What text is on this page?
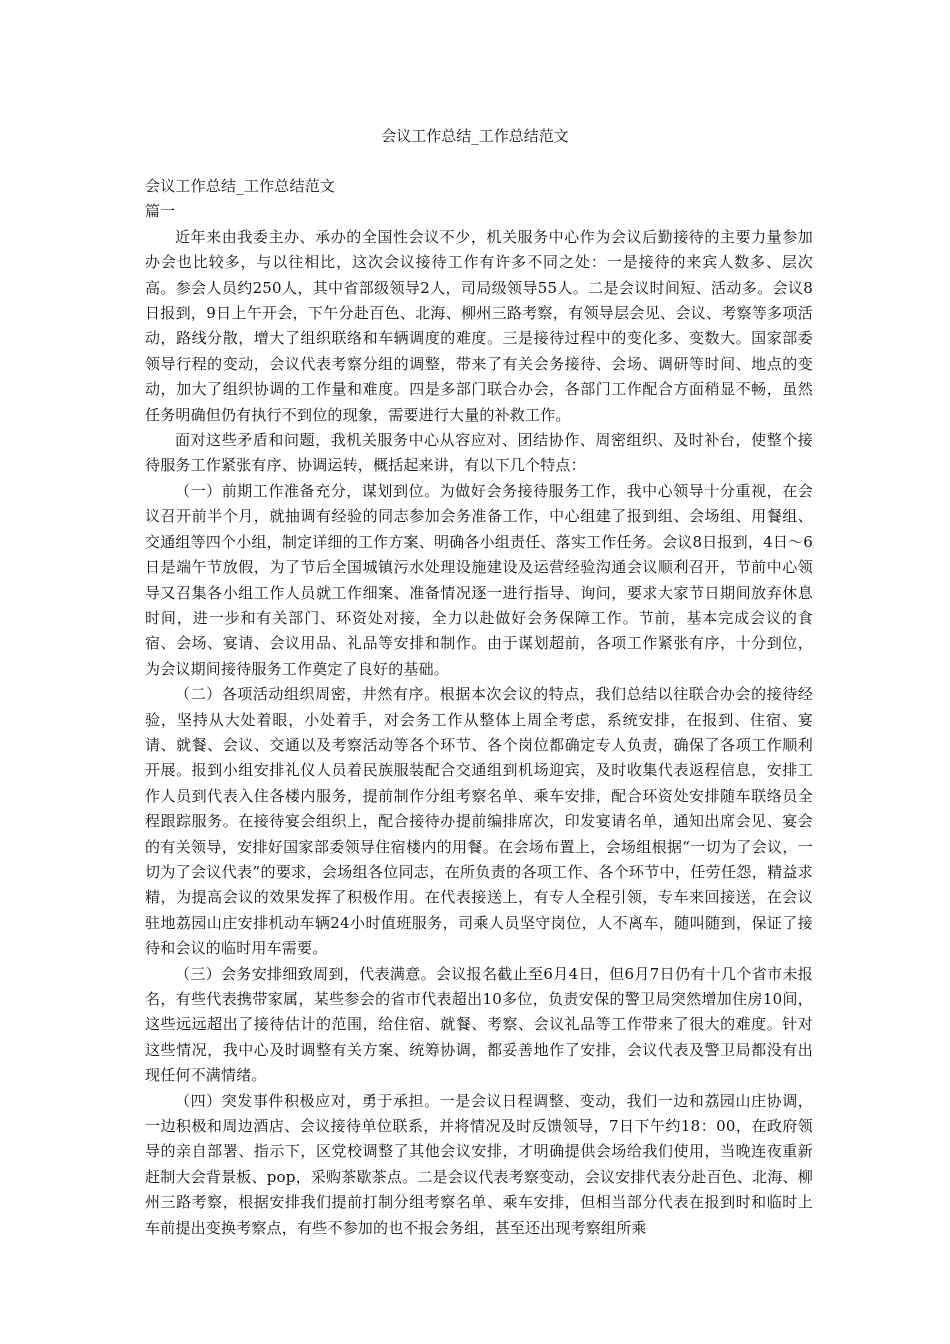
会议工作总结_工作总结范文

会议工作总结_工作总结范文

篇一

近年来由我委主办、承办的全国性会议不少，机关服务中心作为会议后勤接待的主要力量参加办会也比较多，与以往相比，这次会议接待工作有许多不同之处：一是接待的来宾人数多、层次高。参会人员约250人，其中省部级领导2人，司局级领导55人。二是会议时间短、活动多。会议8日报到，9日上午开会，下午分赴百色、北海、柳州三路考察，有领导层会见、会议、考察等多项活动，路线分散，增大了组织联络和车辆调度的难度。三是接待过程中的变化多、变数大。国家部委领导行程的变动，会议代表考察分组的调整，带来了有关会务接待、会场、调研等时间、地点的变动，加大了组织协调的工作量和难度。四是多部门联合办会，各部门工作配合方面稍显不畅，虽然任务明确但仍有执行不到位的现象，需要进行大量的补救工作。

面对这些矛盾和问题，我机关服务中心从容应对、团结协作、周密组织、及时补台，使整个接待服务工作紧张有序、协调运转，概括起来讲，有以下几个特点：

（一）前期工作准备充分，谋划到位。为做好会务接待服务工作，我中心领导十分重视，在会议召开前半个月，就抽调有经验的同志参加会务准备工作，中心组建了报到组、会场组、用餐组、交通组等四个小组，制定详细的工作方案、明确各小组责任、落实工作任务。会议8日报到，4日～6日是端午节放假，为了节后全国城镇污水处理设施建设及运营经验沟通会议顺利召开，节前中心领导又召集各小组工作人员就工作细案、准备情况逐一进行指导、询问，要求大家节日期间放弃休息时间，进一步和有关部门、环资处对接，全力以赴做好会务保障工作。节前，基本完成会议的食宿、会场、宴请、会议用品、礼品等安排和制作。由于谋划超前，各项工作紧张有序，十分到位，为会议期间接待服务工作奠定了良好的基础。

（二）各项活动组织周密，井然有序。根据本次会议的特点，我们总结以往联合办会的接待经验，坚持从大处着眼，小处着手，对会务工作从整体上周全考虑，系统安排，在报到、住宿、宴请、就餐、会议、交通以及考察活动等各个环节、各个岗位都确定专人负责，确保了各项工作顺利开展。报到小组安排礼仪人员着民族服装配合交通组到机场迎宾，及时收集代表返程信息，安排工作人员到代表入住各楼内服务，提前制作分组考察名单、乘车安排，配合环资处安排随车联络员全程跟踪服务。在接待宴会组织上，配合接待办提前编排席次，印发宴请名单，通知出席会见、宴会的有关领导，安排好国家部委领导住宿楼内的用餐。在会场布置上，会场组根据“一切为了会议，一切为了会议代表”的要求，会场组各位同志，在所负责的各项工作、各个环节中，任劳任怨，精益求精，为提高会议的效果发挥了积极作用。在代表接送上，有专人全程引领，专车来回接送，在会议驻地荔园山庄安排机动车辆24小时值班服务，司乘人员坚守岗位，人不离车，随叫随到，保证了接待和会议的临时用车需要。

（三）会务安排细致周到，代表满意。会议报名截止至6月4日，但6月7日仍有十几个省市未报名，有些代表携带家属，某些参会的省市代表超出10多位，负责安保的警卫局突然增加住房10间，这些远远超出了接待估计的范围，给住宿、就餐、考察、会议礼品等工作带来了很大的难度。针对这些情况，我中心及时调整有关方案、统筹协调，都妥善地作了安排，会议代表及警卫局都没有出现任何不满情绪。

（四）突发事件积极应对，勇于承担。一是会议日程调整、变动，我们一边和荔园山庄协调，一边积极和周边酒店、会议接待单位联系，并将情况及时反馈领导，7日下午约18：00，在政府领导的亲自部署、指示下，区党校调整了其他会议安排，才明确提供会场给我们使用，当晚连夜重新赶制大会背景板、pop，采购茶歇茶点。二是会议代表考察变动，会议安排代表分赴百色、北海、柳州三路考察，根据安排我们提前打制分组考察名单、乘车安排，但相当部分代表在报到时和临时上车前提出变换考察点，有些不参加的也不报会务组，甚至还出现考察组所乘
